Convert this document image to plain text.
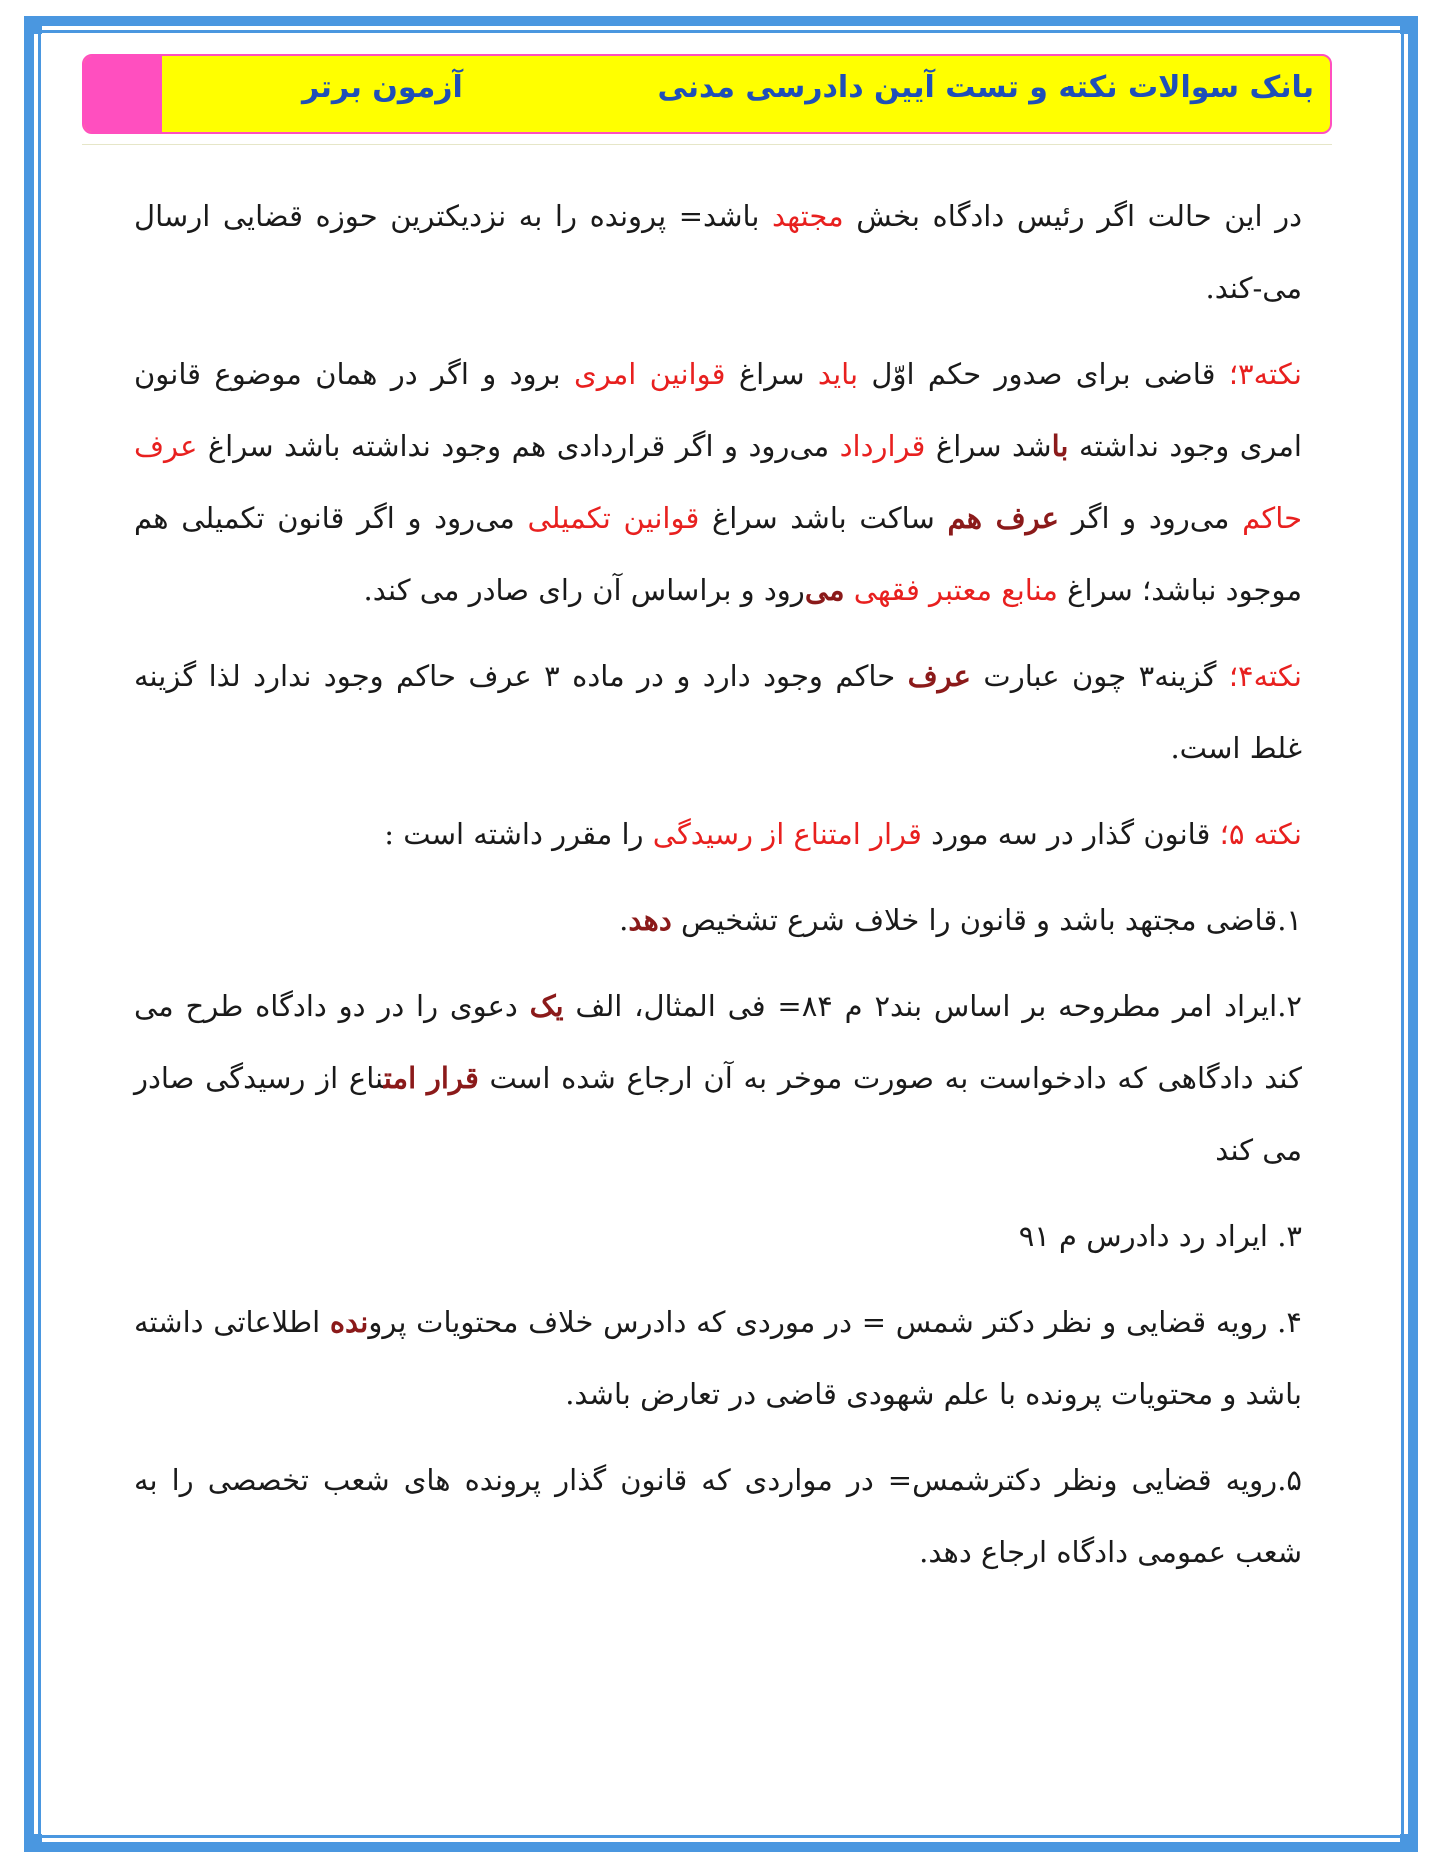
بانک سوالات نکته و تست آیین دادرسی مدنی
آزمون برتر

در این حالت اگر رئیس دادگاه بخش مجتهد باشد= پرونده را به نزدیکترین حوزه قضایی ارسال می-کند.

نکته۳؛ قاضی برای صدور حکم اوّل باید سراغ قوانین امری برود و اگر در همان موضوع قانون امری وجود نداشته باشد سراغ قرارداد می‌رود و اگر قراردادی هم وجود نداشته باشد سراغ عرف حاکم می‌رود و اگر عرف هم ساکت باشد سراغ قوانین تکمیلی می‌رود و اگر قانون تکمیلی هم موجود نباشد؛ سراغ منابع معتبر فقهی می‌رود و براساس آن رای صادر می کند.

نکته۴؛ گزینه۳ چون عبارت عرف حاکم وجود دارد و در ماده ۳ عرف حاکم وجود ندارد لذا گزینه غلط است.

نکته ۵؛ قانون گذار در سه مورد قرار امتناع از رسیدگی را مقرر داشته است :

۱.قاضی مجتهد باشد و قانون را خلاف شرع تشخیص دهد.

۲.ایراد امر مطروحه بر اساس بند۲ م ۸۴= فی المثال، الف یک دعوی را در دو دادگاه طرح می کند دادگاهی که دادخواست به صورت موخر به آن ارجاع شده است قرار امتناع از رسیدگی صادر می کند

۳. ایراد رد دادرس م ۹۱

۴. رویه قضایی و نظر دکتر شمس = در موردی که دادرس خلاف محتویات پرونده اطلاعاتی داشته باشد و محتویات پرونده با علم شهودی قاضی در تعارض باشد.

۵.رویه قضایی ونظر دکترشمس= در مواردی که قانون گذار پرونده های شعب تخصصی را به شعب عمومی دادگاه ارجاع دهد.
